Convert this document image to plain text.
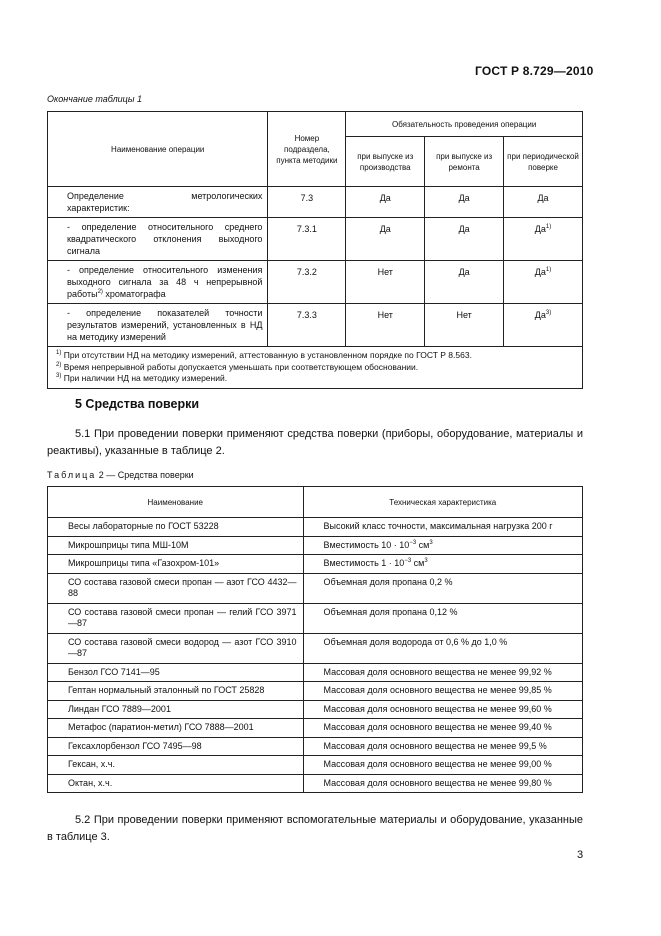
ГОСТ Р 8.729—2010
Окончание таблицы 1
Наименование операции	Номер подраздела, пункта методики	Обязательность проведения операции		
		при выпуске из производства	при выпуске из ремонта	при периодической поверке

Определение метрологических характеристик:	7.3	Да	Да	Да

- определение относительного среднего квадратического отклонения выходного сигнала	7.3.1	Да	Да	$Да^{1)}$

- определение относительного изменения выходного сигнала за 48 ч непрерывной работы$^{2)}$ хроматографа	7.3.2	Нет	Да	$Да^{1)}$

- определение показателей точности результатов измерений, установленных в НД на методику измерений	7.3.3	Нет	Нет	$Да^{3)}$

$^{1)}$ При отсутствии НД на методику измерений, аттестованную в установленном порядке по ГОСТ Р 8.563.
$^{2)}$ Время непрерывной работы допускается уменьшать при соответствующем обосновании.
$^{3)}$ При наличии НД на методику измерений.				
5 Средства поверки
5.1 При проведении поверки применяют средства поверки (приборы, оборудование, материалы и реактивы), указанные в таблице 2.
Таблица 2 — Средства поверки
Наименование	Техническая характеристика
Весы лабораторные по ГОСТ 53228	Высокий класс точности, максимальная нагрузка 200 г
Микрошприцы типа МШ-10М	Вместимость $10 \cdot 10^{-3}$ $см^3$
Микрошприцы типа «Газохром-101»	Вместимость $1 \cdot 10^{-3}$ $см^3$
СО состава газовой смеси пропан — азот ГСО 4432—88	Объемная доля пропана 0,2 %
СО состава газовой смеси пропан — гелий ГСО 3971—87	Объемная доля пропана 0,12 %
СО состава газовой смеси водород — азот ГСО 3910—87	Объемная доля водорода от 0,6 % до 1,0 %
Бензол ГСО 7141—95	Массовая доля основного вещества не менее 99,92 %
Гептан нормальный эталонный по ГОСТ 25828	Массовая доля основного вещества не менее 99,85 %
Линдан ГСО 7889—2001	Массовая доля основного вещества не менее 99,60 %
Метафос (паратион-метил) ГСО 7888—2001	Массовая доля основного вещества не менее 99,40 %
Гексахлорбензол ГСО 7495—98	Массовая доля основного вещества не менее 99,5 %
Гексан, х.ч.	Массовая доля основного вещества не менее 99,00 %
Октан, х.ч.	Массовая доля основного вещества не менее 99,80 %
5.2 При проведении поверки применяют вспомогательные материалы и оборудование, указанные в таблице 3.
3
